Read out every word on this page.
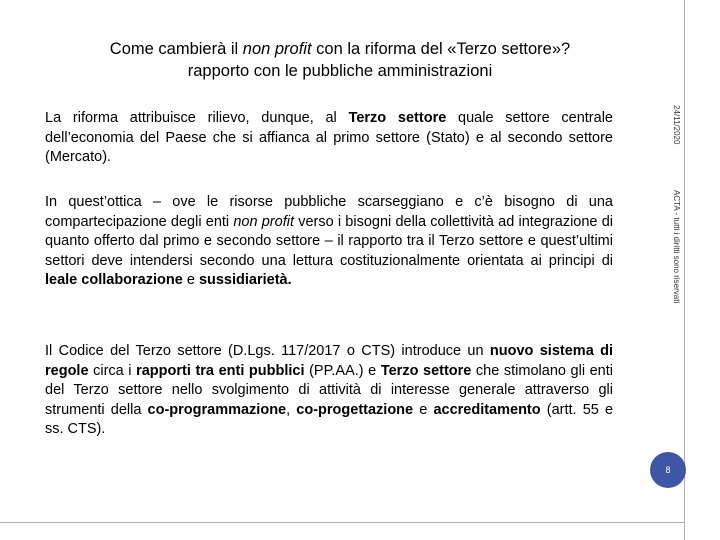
Come cambierà il non profit con la riforma del «Terzo settore»?
rapporto con le pubbliche amministrazioni
24/11/2020
ACTA - tutti i diritti sono riservati

La riforma attribuisce rilievo, dunque, al Terzo settore quale settore centrale dell’economia del Paese che si affianca al primo settore (Stato) e al secondo settore (Mercato).

In quest’ottica – ove le risorse pubbliche scarseggiano e c’è bisogno di una compartecipazione degli enti non profit verso i bisogni della collettività ad integrazione di quanto offerto dal primo e secondo settore – il rapporto tra il Terzo settore e quest’ultimi settori deve intendersi secondo una lettura costituzionalmente orientata ai principi di leale collaborazione e sussidiarietà.

Il Codice del Terzo settore (D.Lgs. 117/2017 o CTS) introduce un nuovo sistema di regole circa i rapporti tra enti pubblici (PP.AA.) e Terzo settore che stimolano gli enti del Terzo settore nello svolgimento di attività di interesse generale attraverso gli strumenti della co-programmazione, co-progettazione e accreditamento (artt. 55 e ss. CTS).

8
